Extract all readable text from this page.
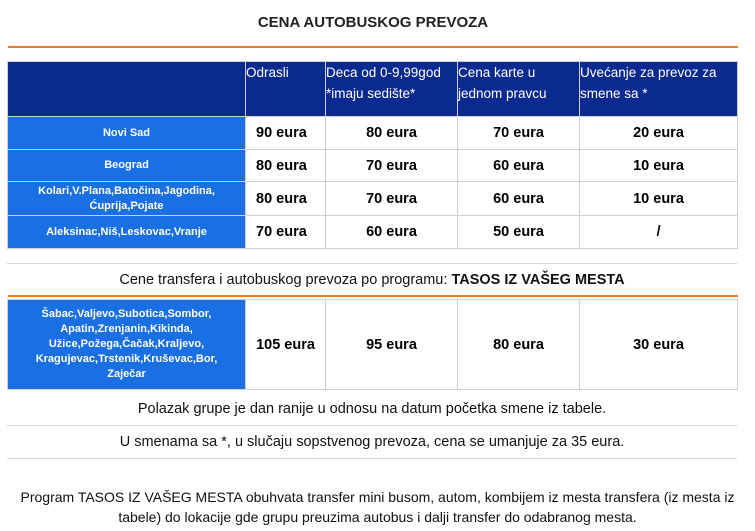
CENA AUTOBUSKOG PREVOZA
	Odrasli	Deca od 0-9,99god *imaju sedište*	Cena karte u jednom pravcu	Uvećanje za prevoz za smene sa *
Novi Sad	90 eura	80 eura	70 eura	20 eura
Beograd	80 eura	70 eura	60 eura	10 eura
Kolari,V.Plana,Batočina,Jagodina, Ćuprija,Pojate	80 eura	70 eura	60 eura	10 eura
Aleksinac,Niš,Leskovac,Vranje	70 eura	60 eura	50 eura	/
Cene transfera i autobuskog prevoza po programu: TASOS IZ VAŠEG MESTA
Šabac,Valjevo,Subotica,Sombor, Apatin,Zrenjanin,Kikinda, Užice,Požega,Čačak,Kraljevo, Kragujevac,Trstenik,Kruševac,Bor, Zaječar	105 eura	95 eura	80 eura	30 eura
Polazak grupe je dan ranije u odnosu na datum početka smene iz tabele.
U smenama sa *, u slučaju sopstvenog prevoza, cena se umanjuje za 35 eura.
Program TASOS IZ VAŠEG MESTA obuhvata transfer mini busom, autom, kombijem iz mesta transfera (iz mesta iz tabele) do lokacije gde grupu preuzima autobus i dalji transfer do odabranog mesta.
